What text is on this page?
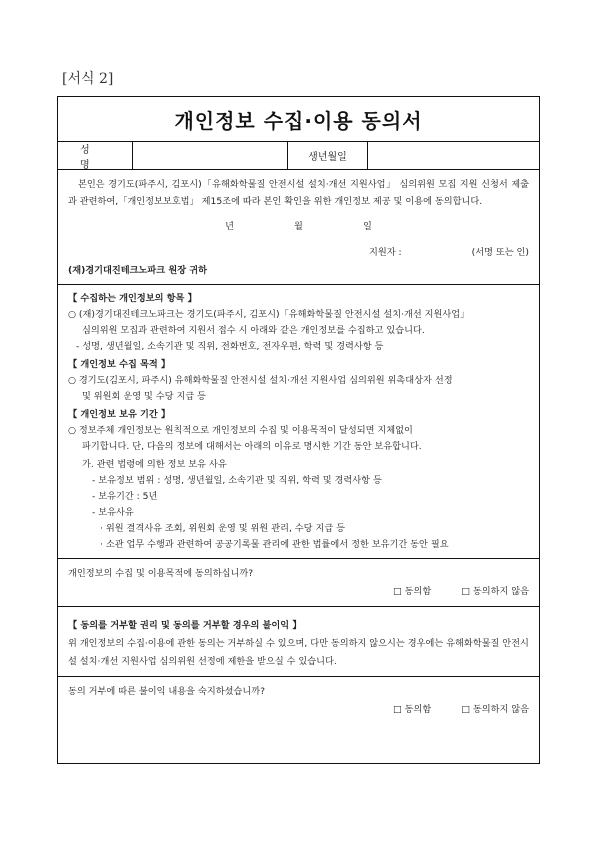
[서식 2]
개인정보 수집·이용 동의서
성명
생년월일
본인은 경기도(파주시, 김포시)「유해화학물질 안전시설 설치·개선 지원사업」 심의위원 모집 지원 신청서 제출과 관련하여,「개인정보보호법」 제15조에 따라 본인 확인을 위한 개인정보 제공 및 이용에 동의합니다.
년	월	일
지원자 :	(서명 또는 인)
(재)경기대진테크노파크 원장 귀하
【 수집하는 개인정보의 항목 】
○ (재)경기대진테크노파크는 경기도(파주시, 김포시)「유해화학물질 안전시설 설치·개선 지원사업」
심의위원 모집과 관련하여 지원서 접수 시 아래와 같은 개인정보를 수집하고 있습니다.
- 성명, 생년월일, 소속기관 및 직위, 전화번호, 전자우편, 학력 및 경력사항 등
【 개인정보 수집 목적 】
○ 경기도(김포시, 파주시) 유해화학물질 안전시설 설치·개선 지원사업 심의위원 위촉대상자 선정
및 위원회 운영 및 수당 지급 등
【 개인정보 보유 기간 】
○ 정보주체 개인정보는 원칙적으로 개인정보의 수집 및 이용목적이 달성되면 지체없이
파기합니다. 단, 다음의 정보에 대해서는 아래의 이유로 명시한 기간 동안 보유합니다.
가. 관련 법령에 의한 정보 보유 사유
- 보유정보 범위 : 성명, 생년월일, 소속기관 및 직위, 학력 및 경력사항 등
- 보유기간 : 5년
- 보유사유
· 위원 결격사유 조회, 위원회 운영 및 위원 관리, 수당 지급 등
· 소관 업무 수행과 관련하여 공공기록물 관리에 관한 법률에서 정한 보유기간 동안 필요
개인정보의 수집 및 이용목적에 동의하십니까?
□ 동의함	□ 동의하지 않음
【 동의를 거부할 권리 및 동의를 거부할 경우의 불이익 】
위 개인정보의 수집·이용에 관한 동의는 거부하실 수 있으며, 다만 동의하지 않으시는 경우에는 유해화학물질 안전시설 설치·개선 지원사업 심의위원 선정에 제한을 받으실 수 있습니다.
동의 거부에 따른 불이익 내용을 숙지하셨습니까?
□ 동의함	□ 동의하지 않음
